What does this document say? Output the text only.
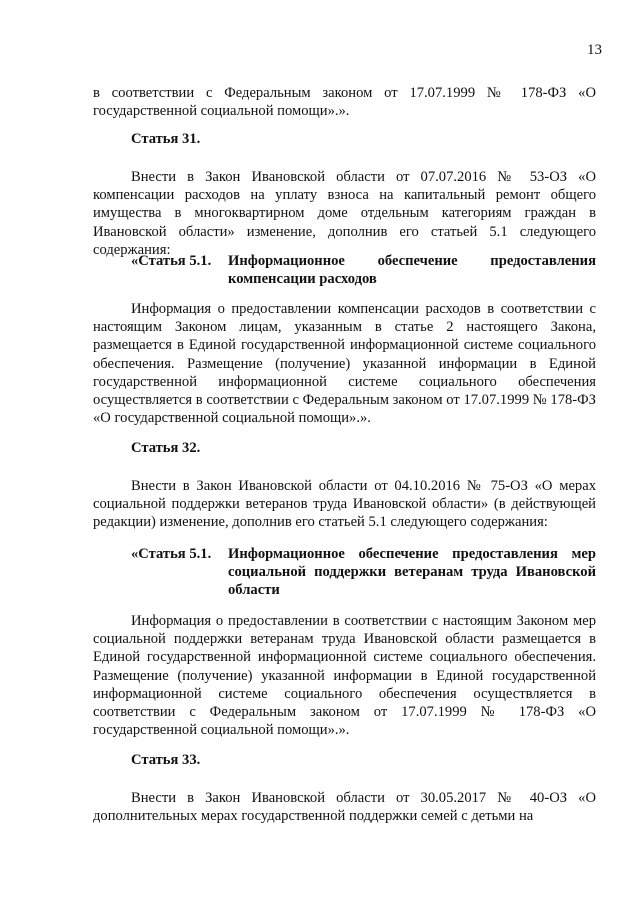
13
в соответствии с Федеральным законом от 17.07.1999 № 178-ФЗ «О государственной социальной помощи».».
Статья 31.
Внести в Закон Ивановской области от 07.07.2016 № 53-ОЗ «О компенсации расходов на уплату взноса на капитальный ремонт общего имущества в многоквартирном доме отдельным категориям граждан в Ивановской области» изменение, дополнив его статьей 5.1 следующего содержания:
«Статья 5.1. Информационное обеспечение предоставления компенсации расходов
Информация о предоставлении компенсации расходов в соответствии с настоящим Законом лицам, указанным в статье 2 настоящего Закона, размещается в Единой государственной информационной системе социального обеспечения. Размещение (получение) указанной информации в Единой государственной информационной системе социального обеспечения осуществляется в соответствии с Федеральным законом от 17.07.1999 № 178-ФЗ «О государственной социальной помощи».».
Статья 32.
Внести в Закон Ивановской области от 04.10.2016 № 75-ОЗ «О мерах социальной поддержки ветеранов труда Ивановской области» (в действующей редакции) изменение, дополнив его статьей 5.1 следующего содержания:
«Статья 5.1. Информационное обеспечение предоставления мер социальной поддержки ветеранам труда Ивановской области
Информация о предоставлении в соответствии с настоящим Законом мер социальной поддержки ветеранам труда Ивановской области размещается в Единой государственной информационной системе социального обеспечения. Размещение (получение) указанной информации в Единой государственной информационной системе социального обеспечения осуществляется в соответствии с Федеральным законом от 17.07.1999 № 178-ФЗ «О государственной социальной помощи».».
Статья 33.
Внести в Закон Ивановской области от 30.05.2017 № 40-ОЗ «О дополнительных мерах государственной поддержки семей с детьми на
